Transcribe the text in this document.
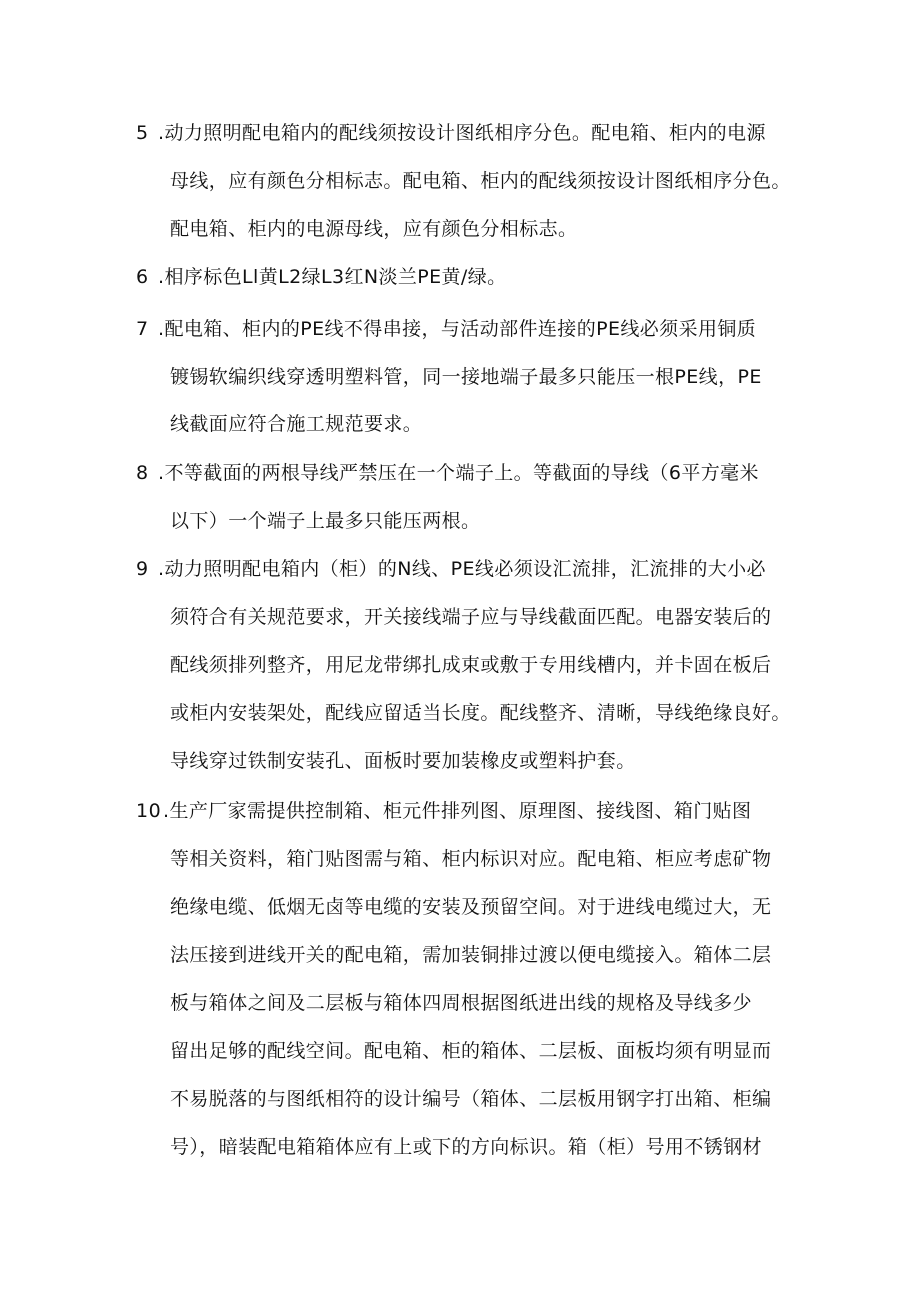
5 .动力照明配电箱内的配线须按设计图纸相序分色。配电箱、柜内的电源
母线，应有颜色分相标志。配电箱、柜内的配线须按设计图纸相序分色。
配电箱、柜内的电源母线，应有颜色分相标志。
6 .相序标色Ll黄L2绿L3红N淡兰PE黄/绿。
7 .配电箱、柜内的PE线不得串接，与活动部件连接的PE线必须采用铜质
镀锡软编织线穿透明塑料管，同一接地端子最多只能压一根PE线，PE
线截面应符合施工规范要求。
8 .不等截面的两根导线严禁压在一个端子上。等截面的导线（6平方毫米
以下）一个端子上最多只能压两根。
9 .动力照明配电箱内（柜）的N线、PE线必须设汇流排，汇流排的大小必
须符合有关规范要求，开关接线端子应与导线截面匹配。电器安装后的
配线须排列整齐，用尼龙带绑扎成束或敷于专用线槽内，并卡固在板后
或柜内安装架处，配线应留适当长度。配线整齐、清晰，导线绝缘良好。
导线穿过铁制安装孔、面板时要加装橡皮或塑料护套。
10 .生产厂家需提供控制箱、柜元件排列图、原理图、接线图、箱门贴图
等相关资料，箱门贴图需与箱、柜内标识对应。配电箱、柜应考虑矿物
绝缘电缆、低烟无卤等电缆的安装及预留空间。对于进线电缆过大，无
法压接到进线开关的配电箱，需加装铜排过渡以便电缆接入。箱体二层
板与箱体之间及二层板与箱体四周根据图纸进出线的规格及导线多少
留出足够的配线空间。配电箱、柜的箱体、二层板、面板均须有明显而
不易脱落的与图纸相符的设计编号（箱体、二层板用钢字打出箱、柜编
号），暗装配电箱箱体应有上或下的方向标识。箱（柜）号用不锈钢材
